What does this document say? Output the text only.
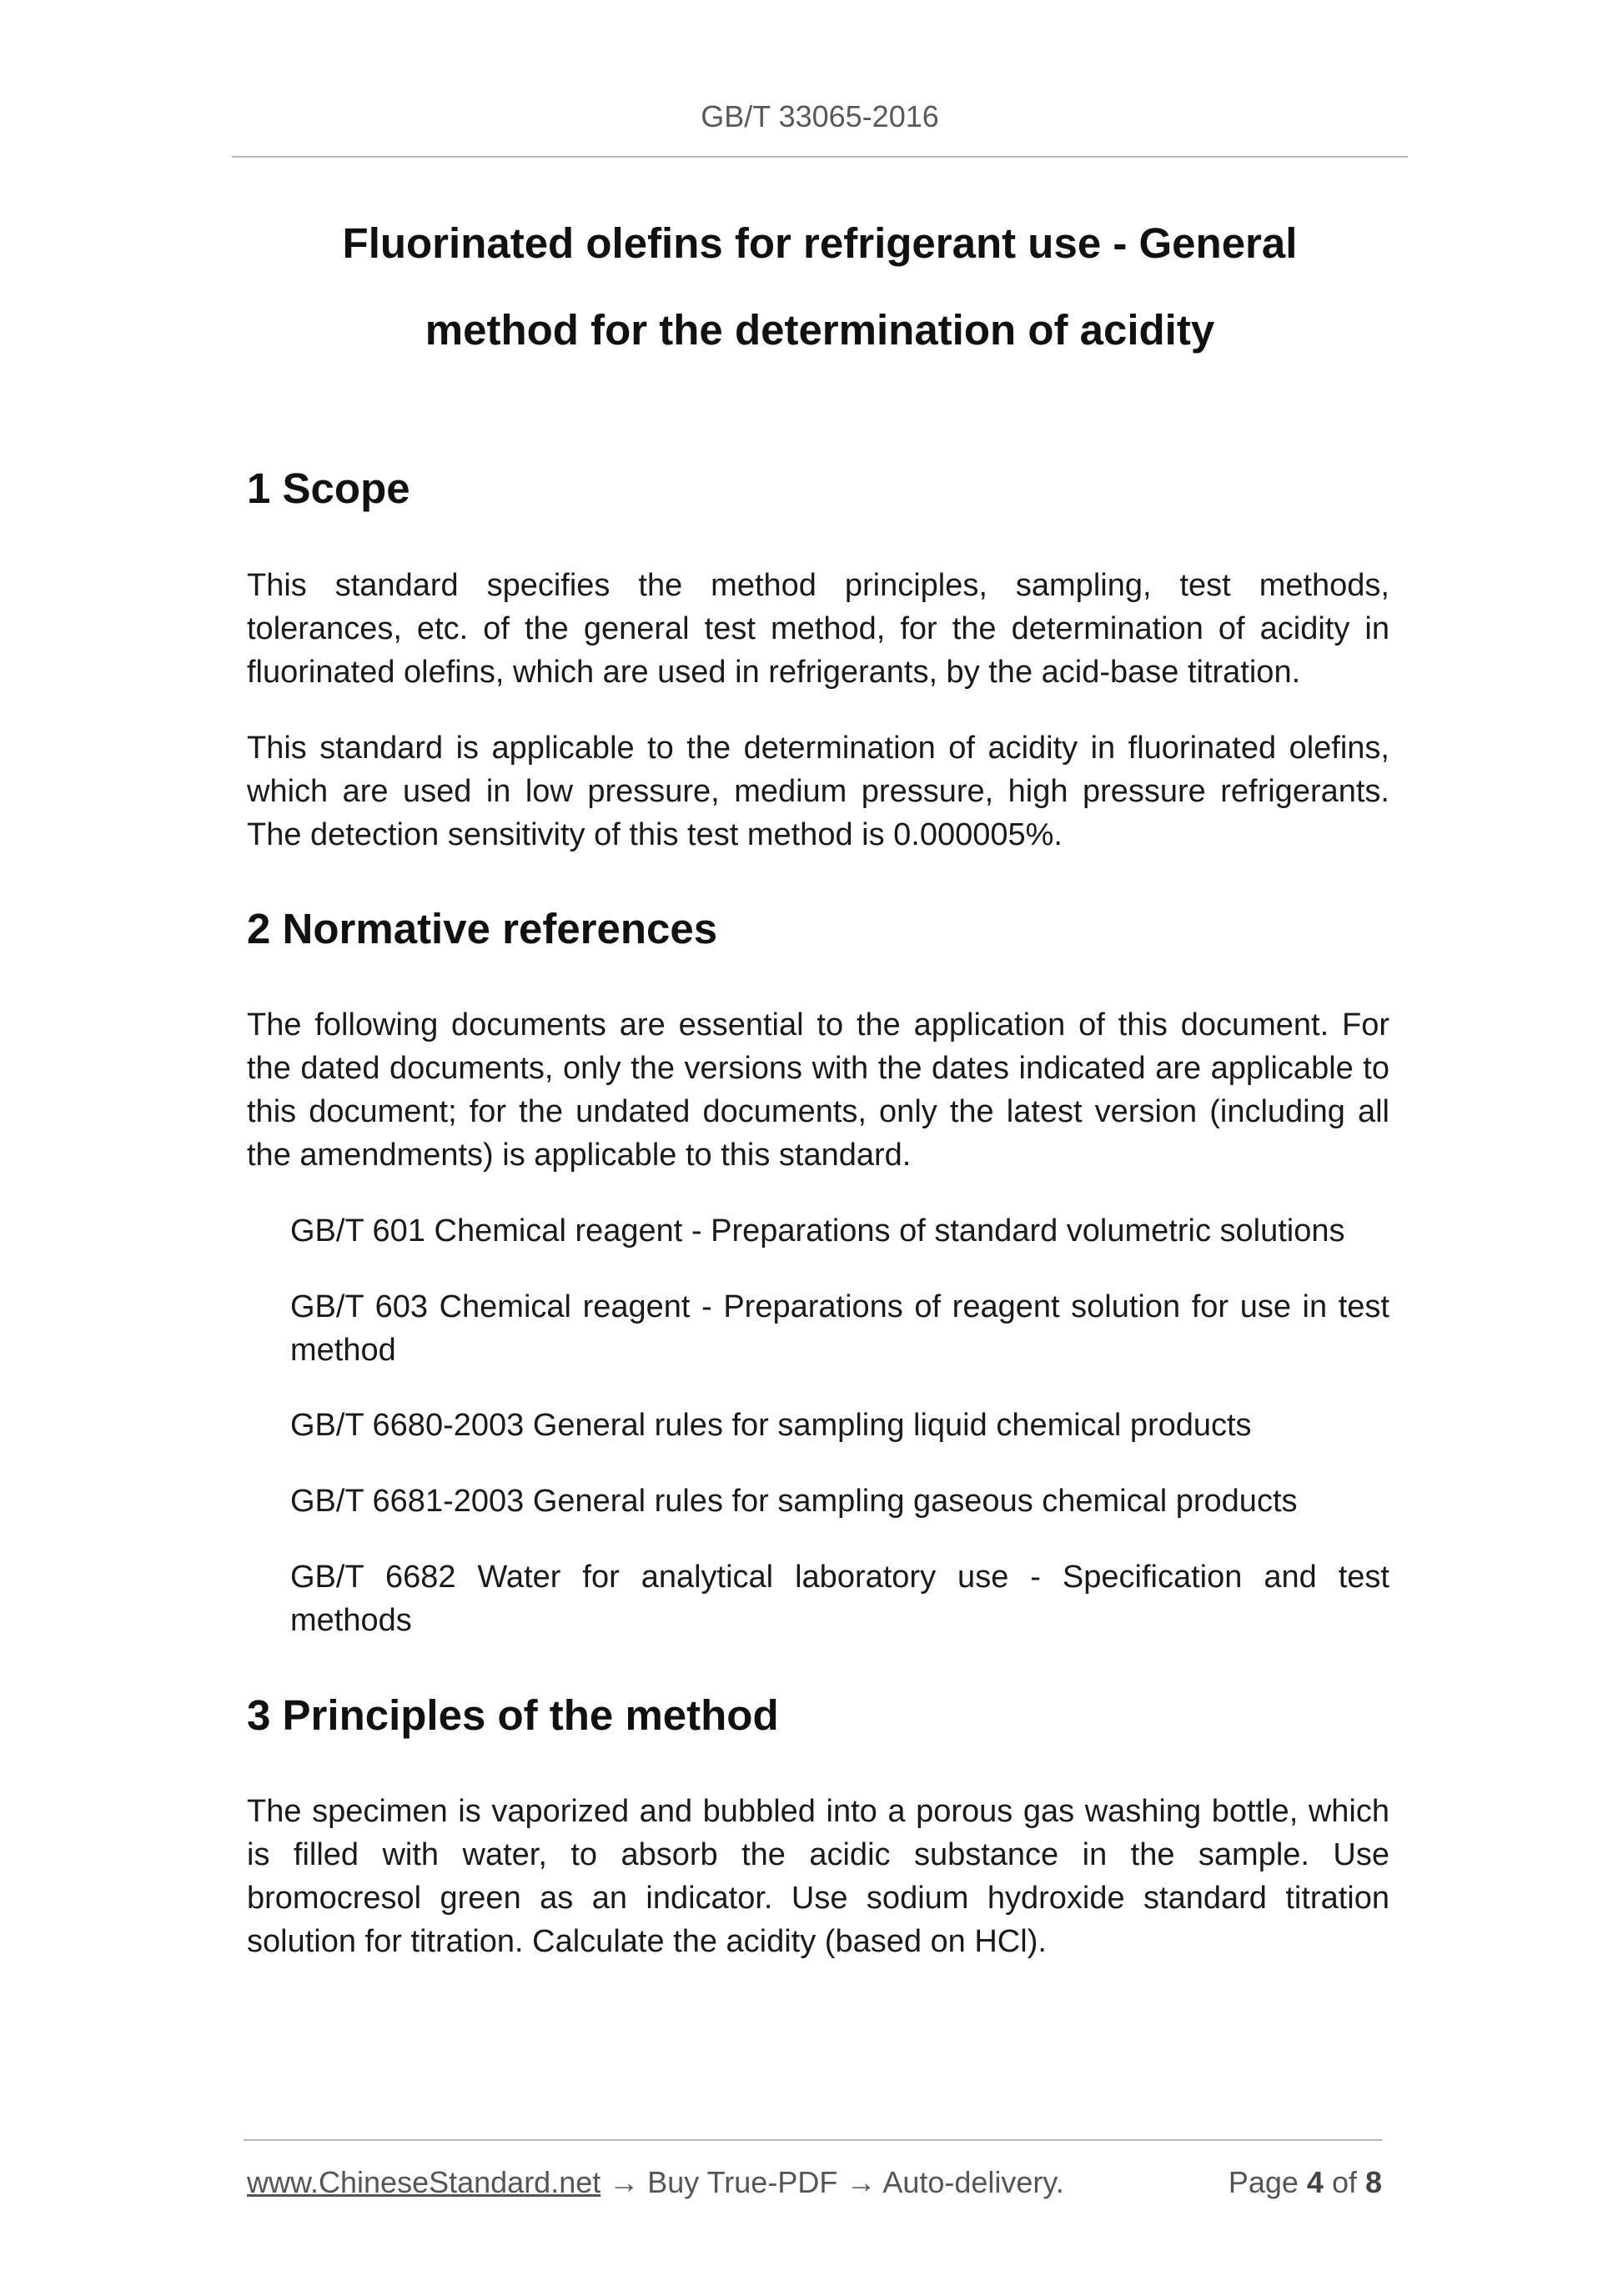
GB/T 33065-2016
Fluorinated olefins for refrigerant use - General
method for the determination of acidity
1 Scope

This standard specifies the method principles, sampling, test methods, tolerances, etc. of the general test method, for the determination of acidity in fluorinated olefins, which are used in refrigerants, by the acid-base titration.

This standard is applicable to the determination of acidity in fluorinated olefins, which are used in low pressure, medium pressure, high pressure refrigerants. The detection sensitivity of this test method is 0.000005%.

2 Normative references

The following documents are essential to the application of this document. For the dated documents, only the versions with the dates indicated are applicable to this document; for the undated documents, only the latest version (including all the amendments) is applicable to this standard.

GB/T 601 Chemical reagent - Preparations of standard volumetric solutions
GB/T 603 Chemical reagent - Preparations of reagent solution for use in test method
GB/T 6680-2003 General rules for sampling liquid chemical products
GB/T 6681-2003 General rules for sampling gaseous chemical products
GB/T 6682 Water for analytical laboratory use - Specification and test methods
3 Principles of the method

The specimen is vaporized and bubbled into a porous gas washing bottle, which is filled with water, to absorb the acidic substance in the sample. Use bromocresol green as an indicator. Use sodium hydroxide standard titration solution for titration. Calculate the acidity (based on HCl).

www.ChineseStandard.net → Buy True-PDF → Auto-delivery.	Page 4 of 8
